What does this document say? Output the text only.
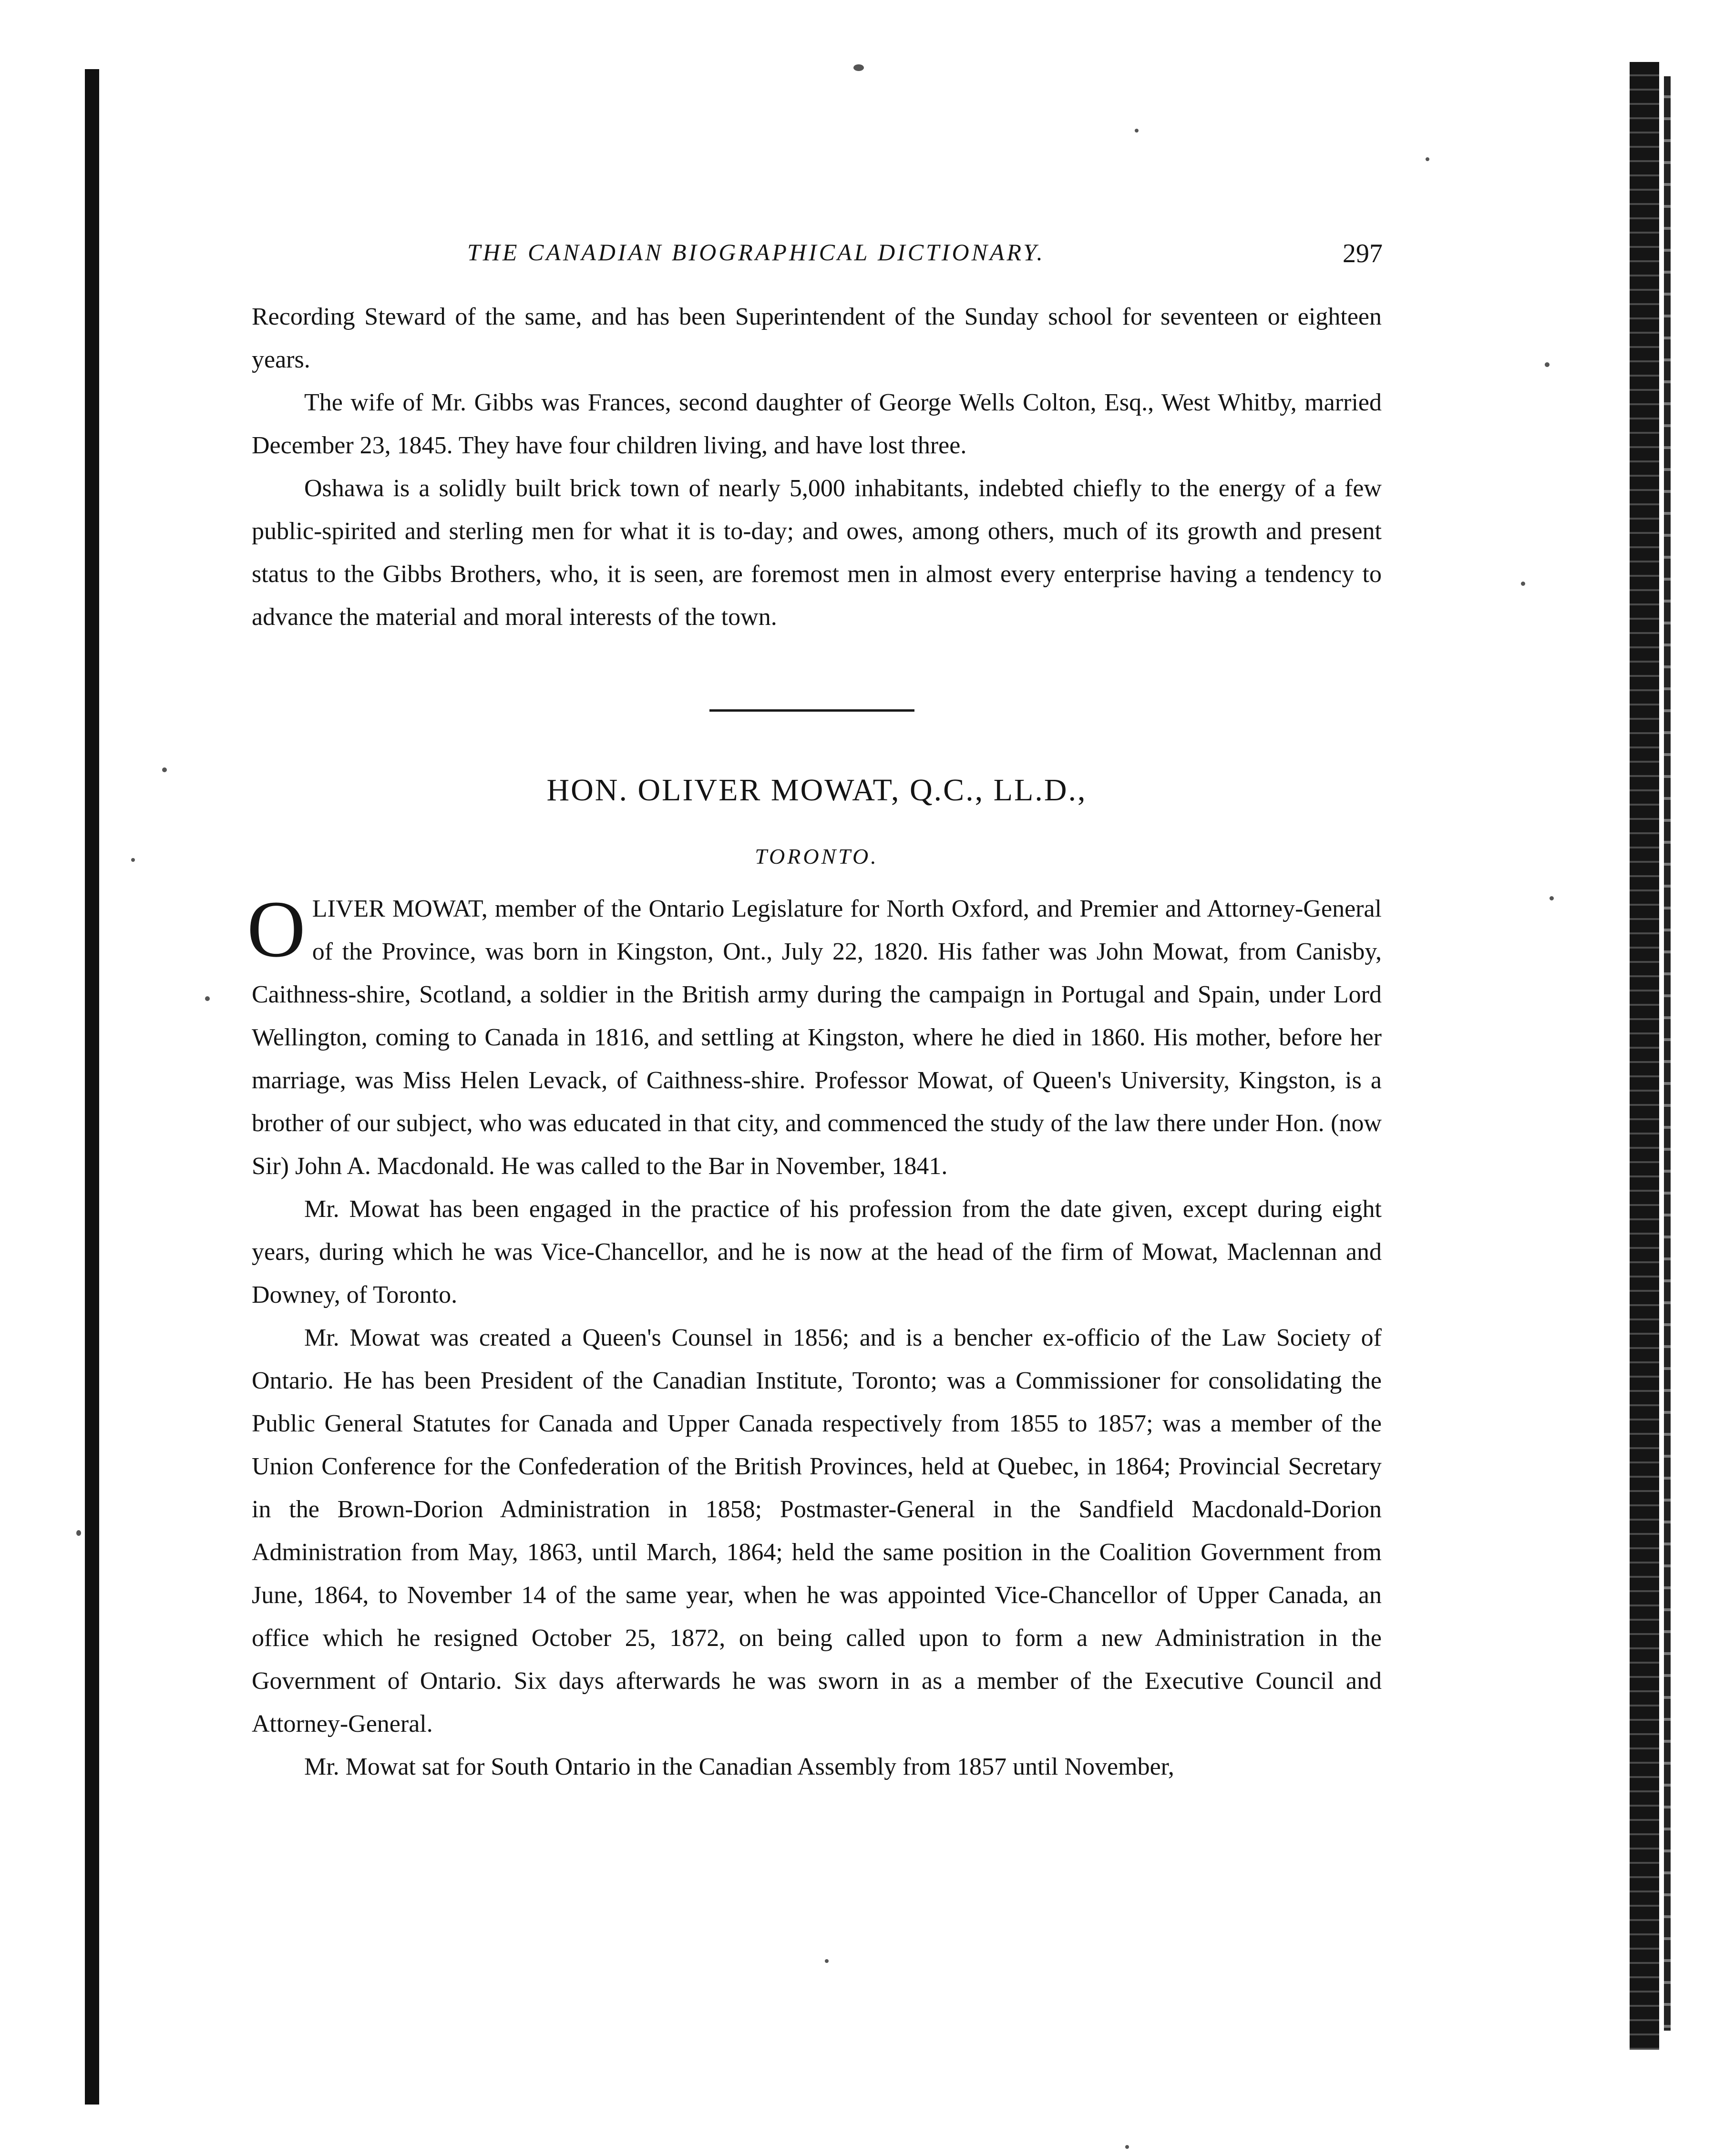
THE CANADIAN BIOGRAPHICAL DICTIONARY.	297

Recording Steward of the same, and has been Superintendent of the Sunday school for seventeen or eighteen years.

The wife of Mr. Gibbs was Frances, second daughter of George Wells Colton, Esq., West Whitby, married December 23, 1845. They have four children living, and have lost three.

Oshawa is a solidly built brick town of nearly 5,000 inhabitants, indebted chiefly to the energy of a few public-spirited and sterling men for what it is to-day; and owes, among others, much of its growth and present status to the Gibbs Brothers, who, it is seen, are foremost men in almost every enterprise having a tendency to advance the material and moral interests of the town.

HON. OLIVER MOWAT, Q.C., LL.D.,
TORONTO.

OLIVER MOWAT, member of the Ontario Legislature for North Oxford, and Premier and Attorney-General of the Province, was born in Kingston, Ont., July 22, 1820. His father was John Mowat, from Canisby, Caithness-shire, Scotland, a soldier in the British army during the campaign in Portugal and Spain, under Lord Wellington, coming to Canada in 1816, and settling at Kingston, where he died in 1860. His mother, before her marriage, was Miss Helen Levack, of Caithness-shire. Professor Mowat, of Queen's University, Kingston, is a brother of our subject, who was educated in that city, and commenced the study of the law there under Hon. (now Sir) John A. Macdonald. He was called to the Bar in November, 1841.

Mr. Mowat has been engaged in the practice of his profession from the date given, except during eight years, during which he was Vice-Chancellor, and he is now at the head of the firm of Mowat, Maclennan and Downey, of Toronto.

Mr. Mowat was created a Queen's Counsel in 1856; and is a bencher ex-officio of the Law Society of Ontario. He has been President of the Canadian Institute, Toronto; was a Commissioner for consolidating the Public General Statutes for Canada and Upper Canada respectively from 1855 to 1857; was a member of the Union Conference for the Confederation of the British Provinces, held at Quebec, in 1864; Provincial Secretary in the Brown-Dorion Administration in 1858; Postmaster-General in the Sandfield Macdonald-Dorion Administration from May, 1863, until March, 1864; held the same position in the Coalition Government from June, 1864, to November 14 of the same year, when he was appointed Vice-Chancellor of Upper Canada, an office which he resigned October 25, 1872, on being called upon to form a new Administration in the Government of Ontario. Six days afterwards he was sworn in as a member of the Executive Council and Attorney-General.

Mr. Mowat sat for South Ontario in the Canadian Assembly from 1857 until November,
